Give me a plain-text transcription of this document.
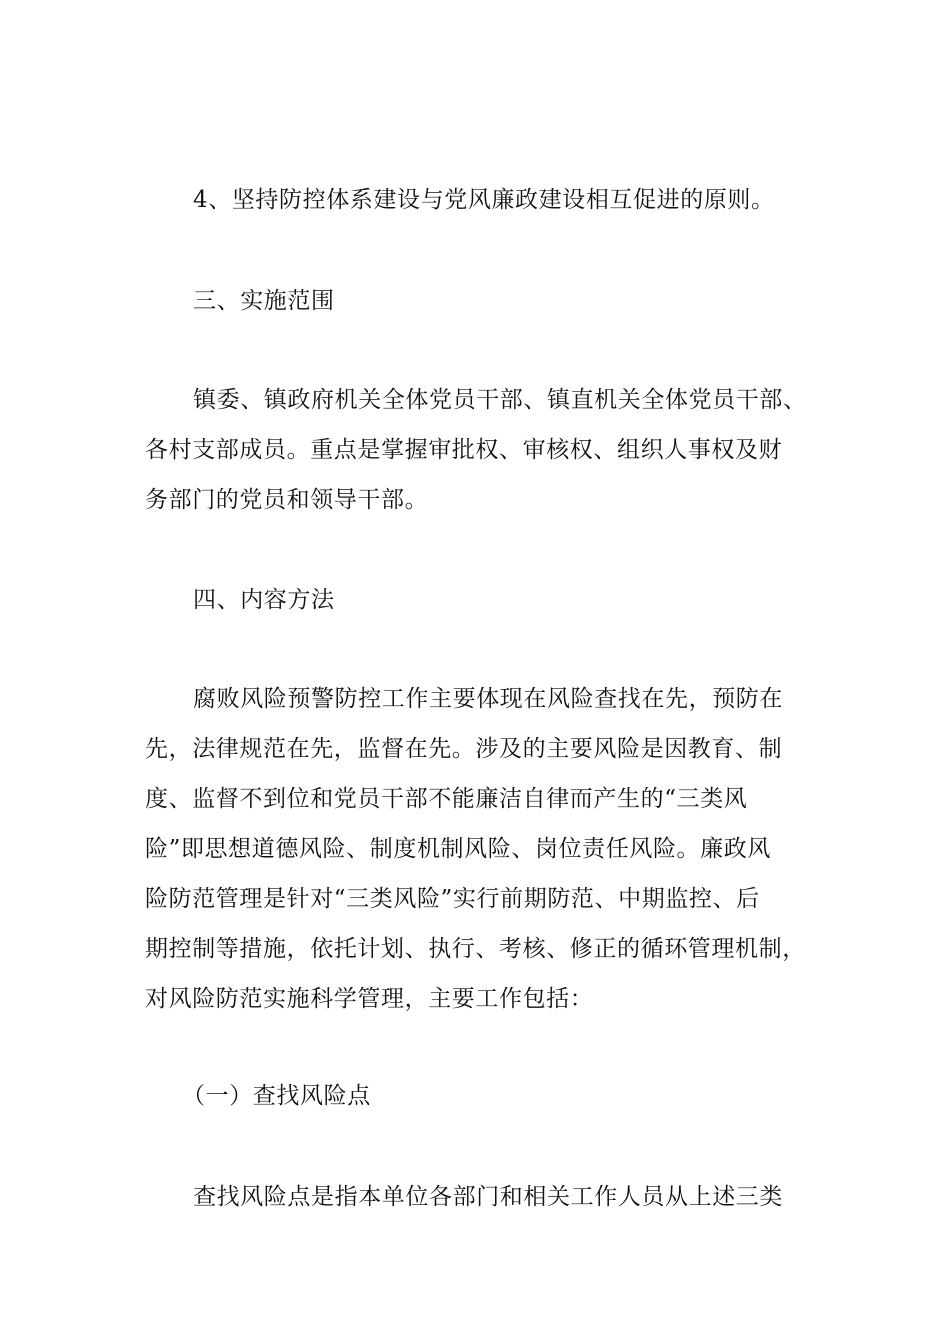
4、坚持防控体系建设与党风廉政建设相互促进的原则。

三、实施范围

镇委、镇政府机关全体党员干部、镇直机关全体党员干部、
各村支部成员。重点是掌握审批权、审核权、组织人事权及财
务部门的党员和领导干部。

四、内容方法

腐败风险预警防控工作主要体现在风险查找在先，预防在
先，法律规范在先，监督在先。涉及的主要风险是因教育、制
度、监督不到位和党员干部不能廉洁自律而产生的“三类风
险”即思想道德风险、制度机制风险、岗位责任风险。廉政风
险防范管理是针对“三类风险”实行前期防范、中期监控、后
期控制等措施，依托计划、执行、考核、修正的循环管理机制，
对风险防范实施科学管理，主要工作包括：

（一）查找风险点

查找风险点是指本单位各部门和相关工作人员从上述三类
